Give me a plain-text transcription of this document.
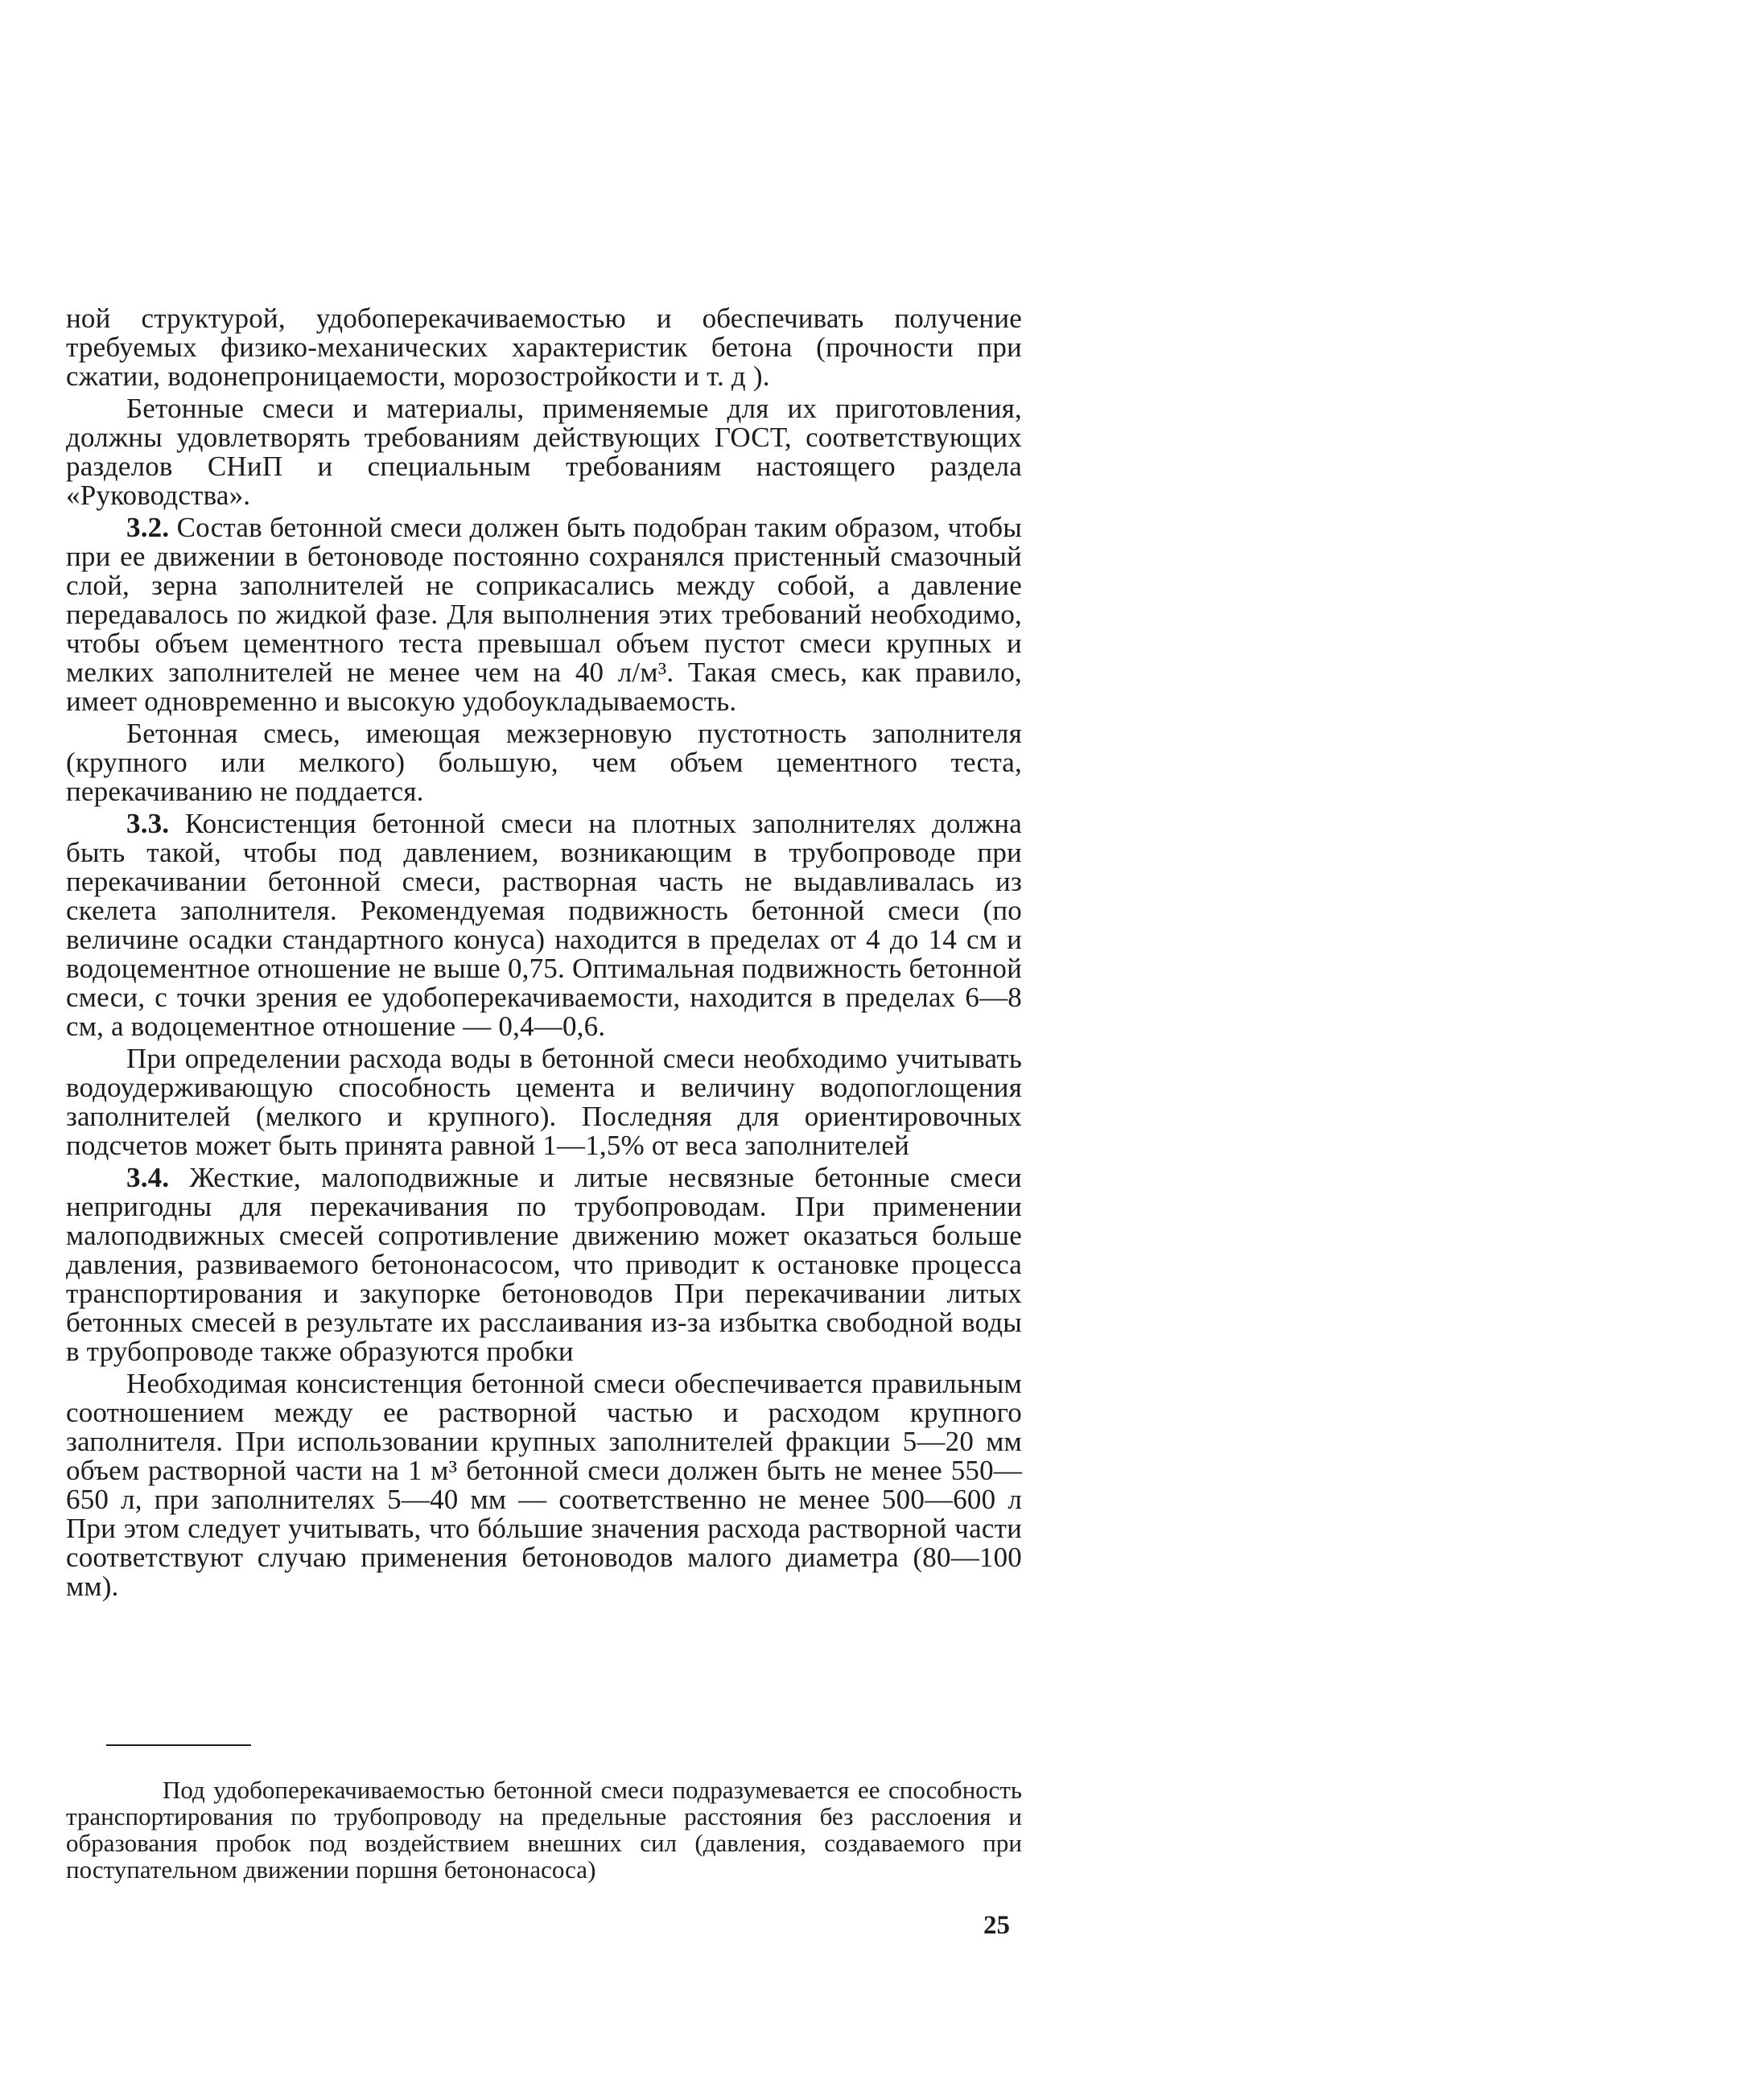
ной структурой, удобоперекачиваемостью и обеспечивать получение требуемых физико-механических характеристик бетона (прочности при сжатии, водонепроницаемости, морозостройкости и т. д ).

Бетонные смеси и материалы, применяемые для их приготовления, должны удовлетворять требованиям действующих ГОСТ, соответствующих разделов СНиП и специальным требованиям настоящего раздела «Руководства».

3.2. Состав бетонной смеси должен быть подобран таким образом, чтобы при ее движении в бетоноводе постоянно сохранялся пристенный смазочный слой, зерна заполнителей не соприкасались между собой, а давление передавалось по жидкой фазе. Для выполнения этих требований необходимо, чтобы объем цементного теста превышал объем пустот смеси крупных и мелких заполнителей не менее чем на 40 л/м³. Такая смесь, как правило, имеет одновременно и высокую удобоукладываемость.

Бетонная смесь, имеющая межзерновую пустотность заполнителя (крупного или мелкого) большую, чем объем цементного теста, перекачиванию не поддается.

3.3. Консистенция бетонной смеси на плотных заполнителях должна быть такой, чтобы под давлением, возникающим в трубопроводе при перекачивании бетонной смеси, растворная часть не выдавливалась из скелета заполнителя. Рекомендуемая подвижность бетонной смеси (по величине осадки стандартного конуса) находится в пределах от 4 до 14 см и водоцементное отношение не выше 0,75. Оптимальная подвижность бетонной смеси, с точки зрения ее удобоперекачиваемости, находится в пределах 6—8 см, а водоцементное отношение — 0,4—0,6.

При определении расхода воды в бетонной смеси необходимо учитывать водоудерживающую способность цемента и величину водопоглощения заполнителей (мелкого и крупного). Последняя для ориентировочных подсчетов может быть принята равной 1—1,5% от веса заполнителей

3.4. Жесткие, малоподвижные и литые несвязные бетонные смеси непригодны для перекачивания по трубопроводам. При применении малоподвижных смесей сопротивление движению может оказаться больше давления, развиваемого бетононасосом, что приводит к остановке процесса транспортирования и закупорке бетоноводов При перекачивании литых бетонных смесей в результате их расслаивания из-за избытка свободной воды в трубопроводе также образуются пробки

Необходимая консистенция бетонной смеси обеспечивается правильным соотношением между ее растворной частью и расходом крупного заполнителя. При использовании крупных заполнителей фракции 5—20 мм объем растворной части на 1 м³ бетонной смеси должен быть не менее 550—650 л, при заполнителях 5—40 мм — соответственно не менее 500—600 л При этом следует учитывать, что бóльшие значения расхода растворной части соответствуют случаю применения бетоноводов малого диаметра (80—100 мм).

Под удобоперекачиваемостью бетонной смеси подразумевается ее способность транспортирования по трубопроводу на предельные расстояния без расслоения и образования пробок под воздействием внешних сил (давления, создаваемого при поступательном движении поршня бетононасоса)

25
